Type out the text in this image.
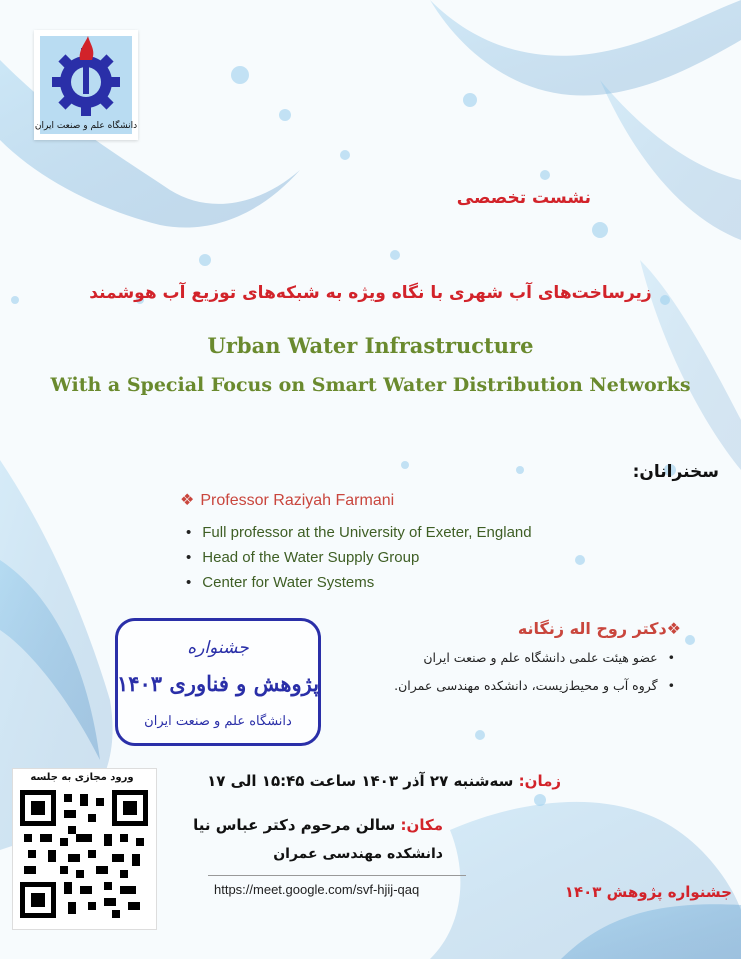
دانشگاه علم و صنعت ایران
نشست تخصصی
زیرساخت‌های آب شهری با نگاه ویژه به شبکه‌های توزیع آب هوشمند
Urban Water Infrastructure
With a Special Focus on Smart Water Distribution Networks
سخنرانان:
❖ Professor Raziyah Farmani
• Full professor at the University of Exeter, England
• Head of the Water Supply Group
• Center for Water Systems
❖دکتر روح اله زنگانه
• عضو هیئت علمی دانشگاه علم و صنعت ایران
• گروه آب و محیط‌زیست، دانشکده مهندسی عمران.
جشنواره
پژوهش و فناوری ۱۴۰۳
دانشگاه علم و صنعت ایران
زمان: سه‌شنبه ۲۷ آذر ۱۴۰۳ ساعت ۱۵:۴۵ الی ۱۷
مکان: سالن مرحوم دکتر عباس نیا
دانشکده مهندسی عمران
https://meet.google.com/svf-hjij-qaq	جشنواره پژوهش ۱۴۰۳
ورود مجازی به جلسه
